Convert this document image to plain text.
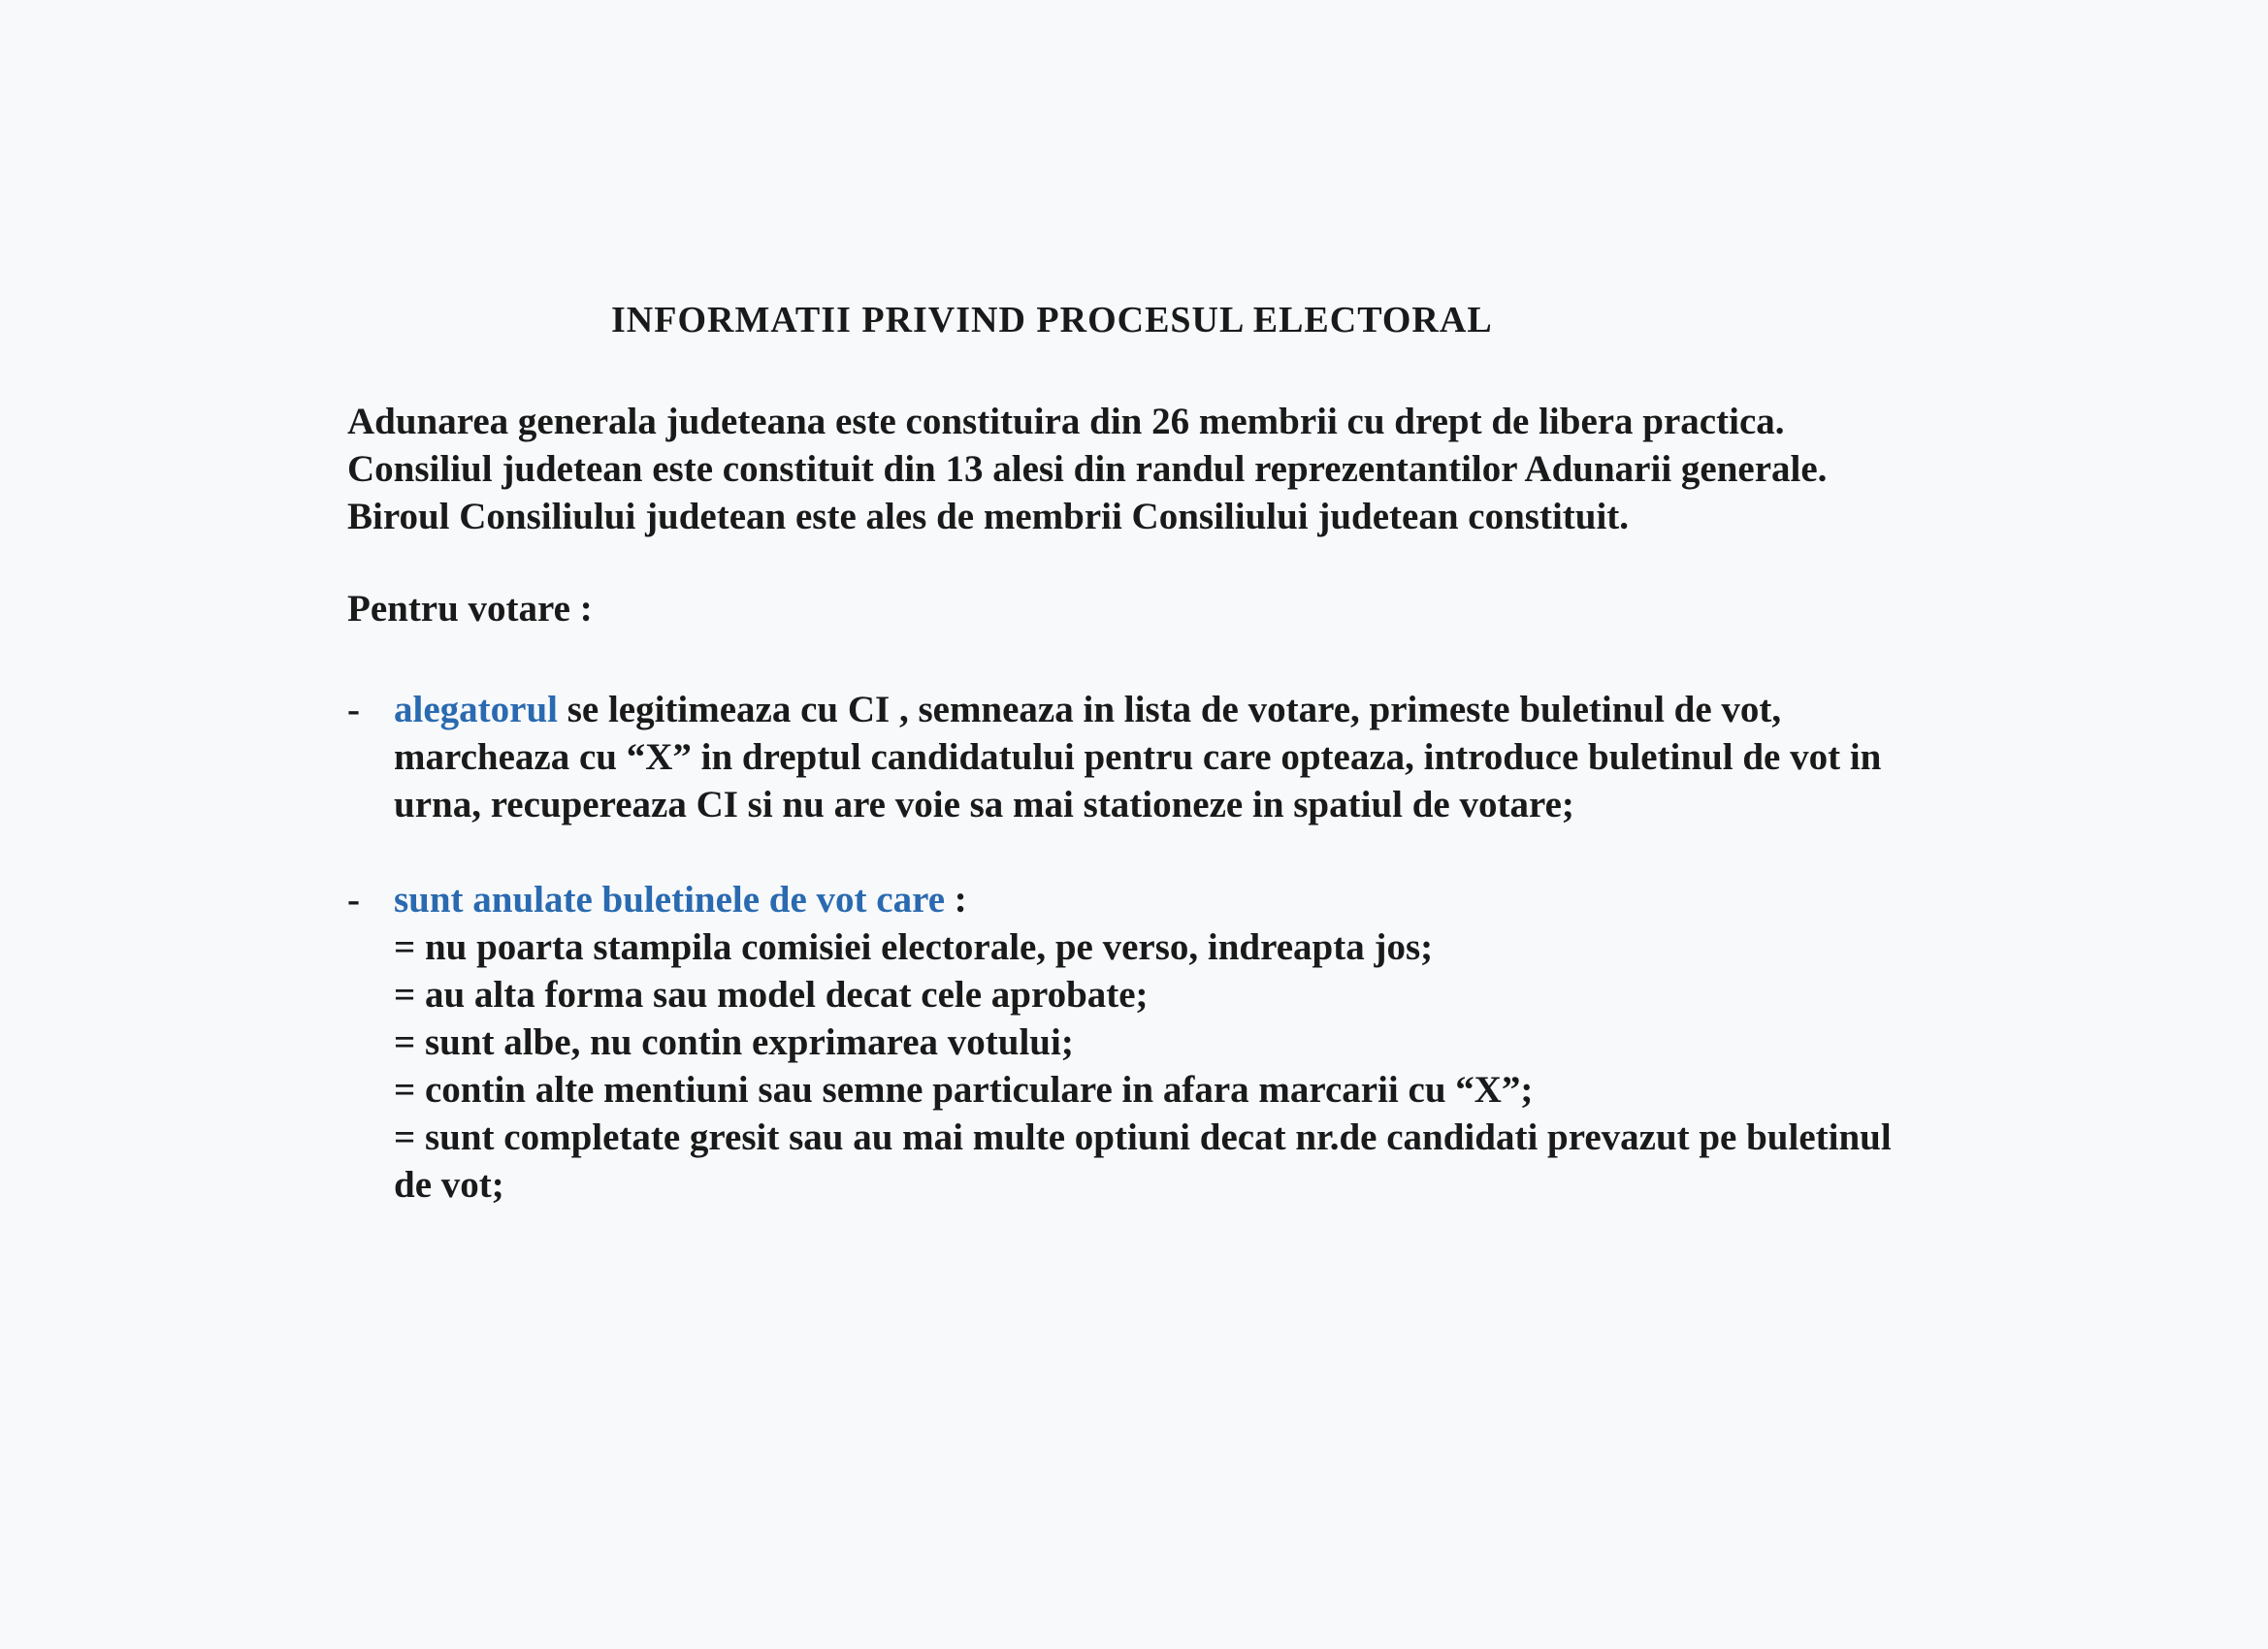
INFORMATII PRIVIND PROCESUL ELECTORAL
Adunarea generala judeteana este constituira din 26 membrii cu drept de libera practica.
Consiliul judetean este constituit din 13 alesi din randul reprezentantilor Adunarii generale.
Biroul Consiliului judetean este ales de membrii Consiliului judetean constituit.
Pentru votare :
- alegatorul se legitimeaza cu CI , semneaza in lista de votare, primeste buletinul de vot,
marcheaza cu “X” in dreptul candidatului pentru care opteaza, introduce buletinul de vot in
urna, recupereaza CI si nu are voie sa mai stationeze in spatiul de votare;
- sunt anulate buletinele de vot care :
= nu poarta stampila comisiei electorale, pe verso, indreapta jos;
= au alta forma sau model decat cele aprobate;
= sunt albe, nu contin exprimarea votului;
= contin alte mentiuni sau semne particulare in afara marcarii cu “X”;
= sunt completate gresit sau au mai multe optiuni decat nr.de candidati prevazut pe buletinul
de vot;
